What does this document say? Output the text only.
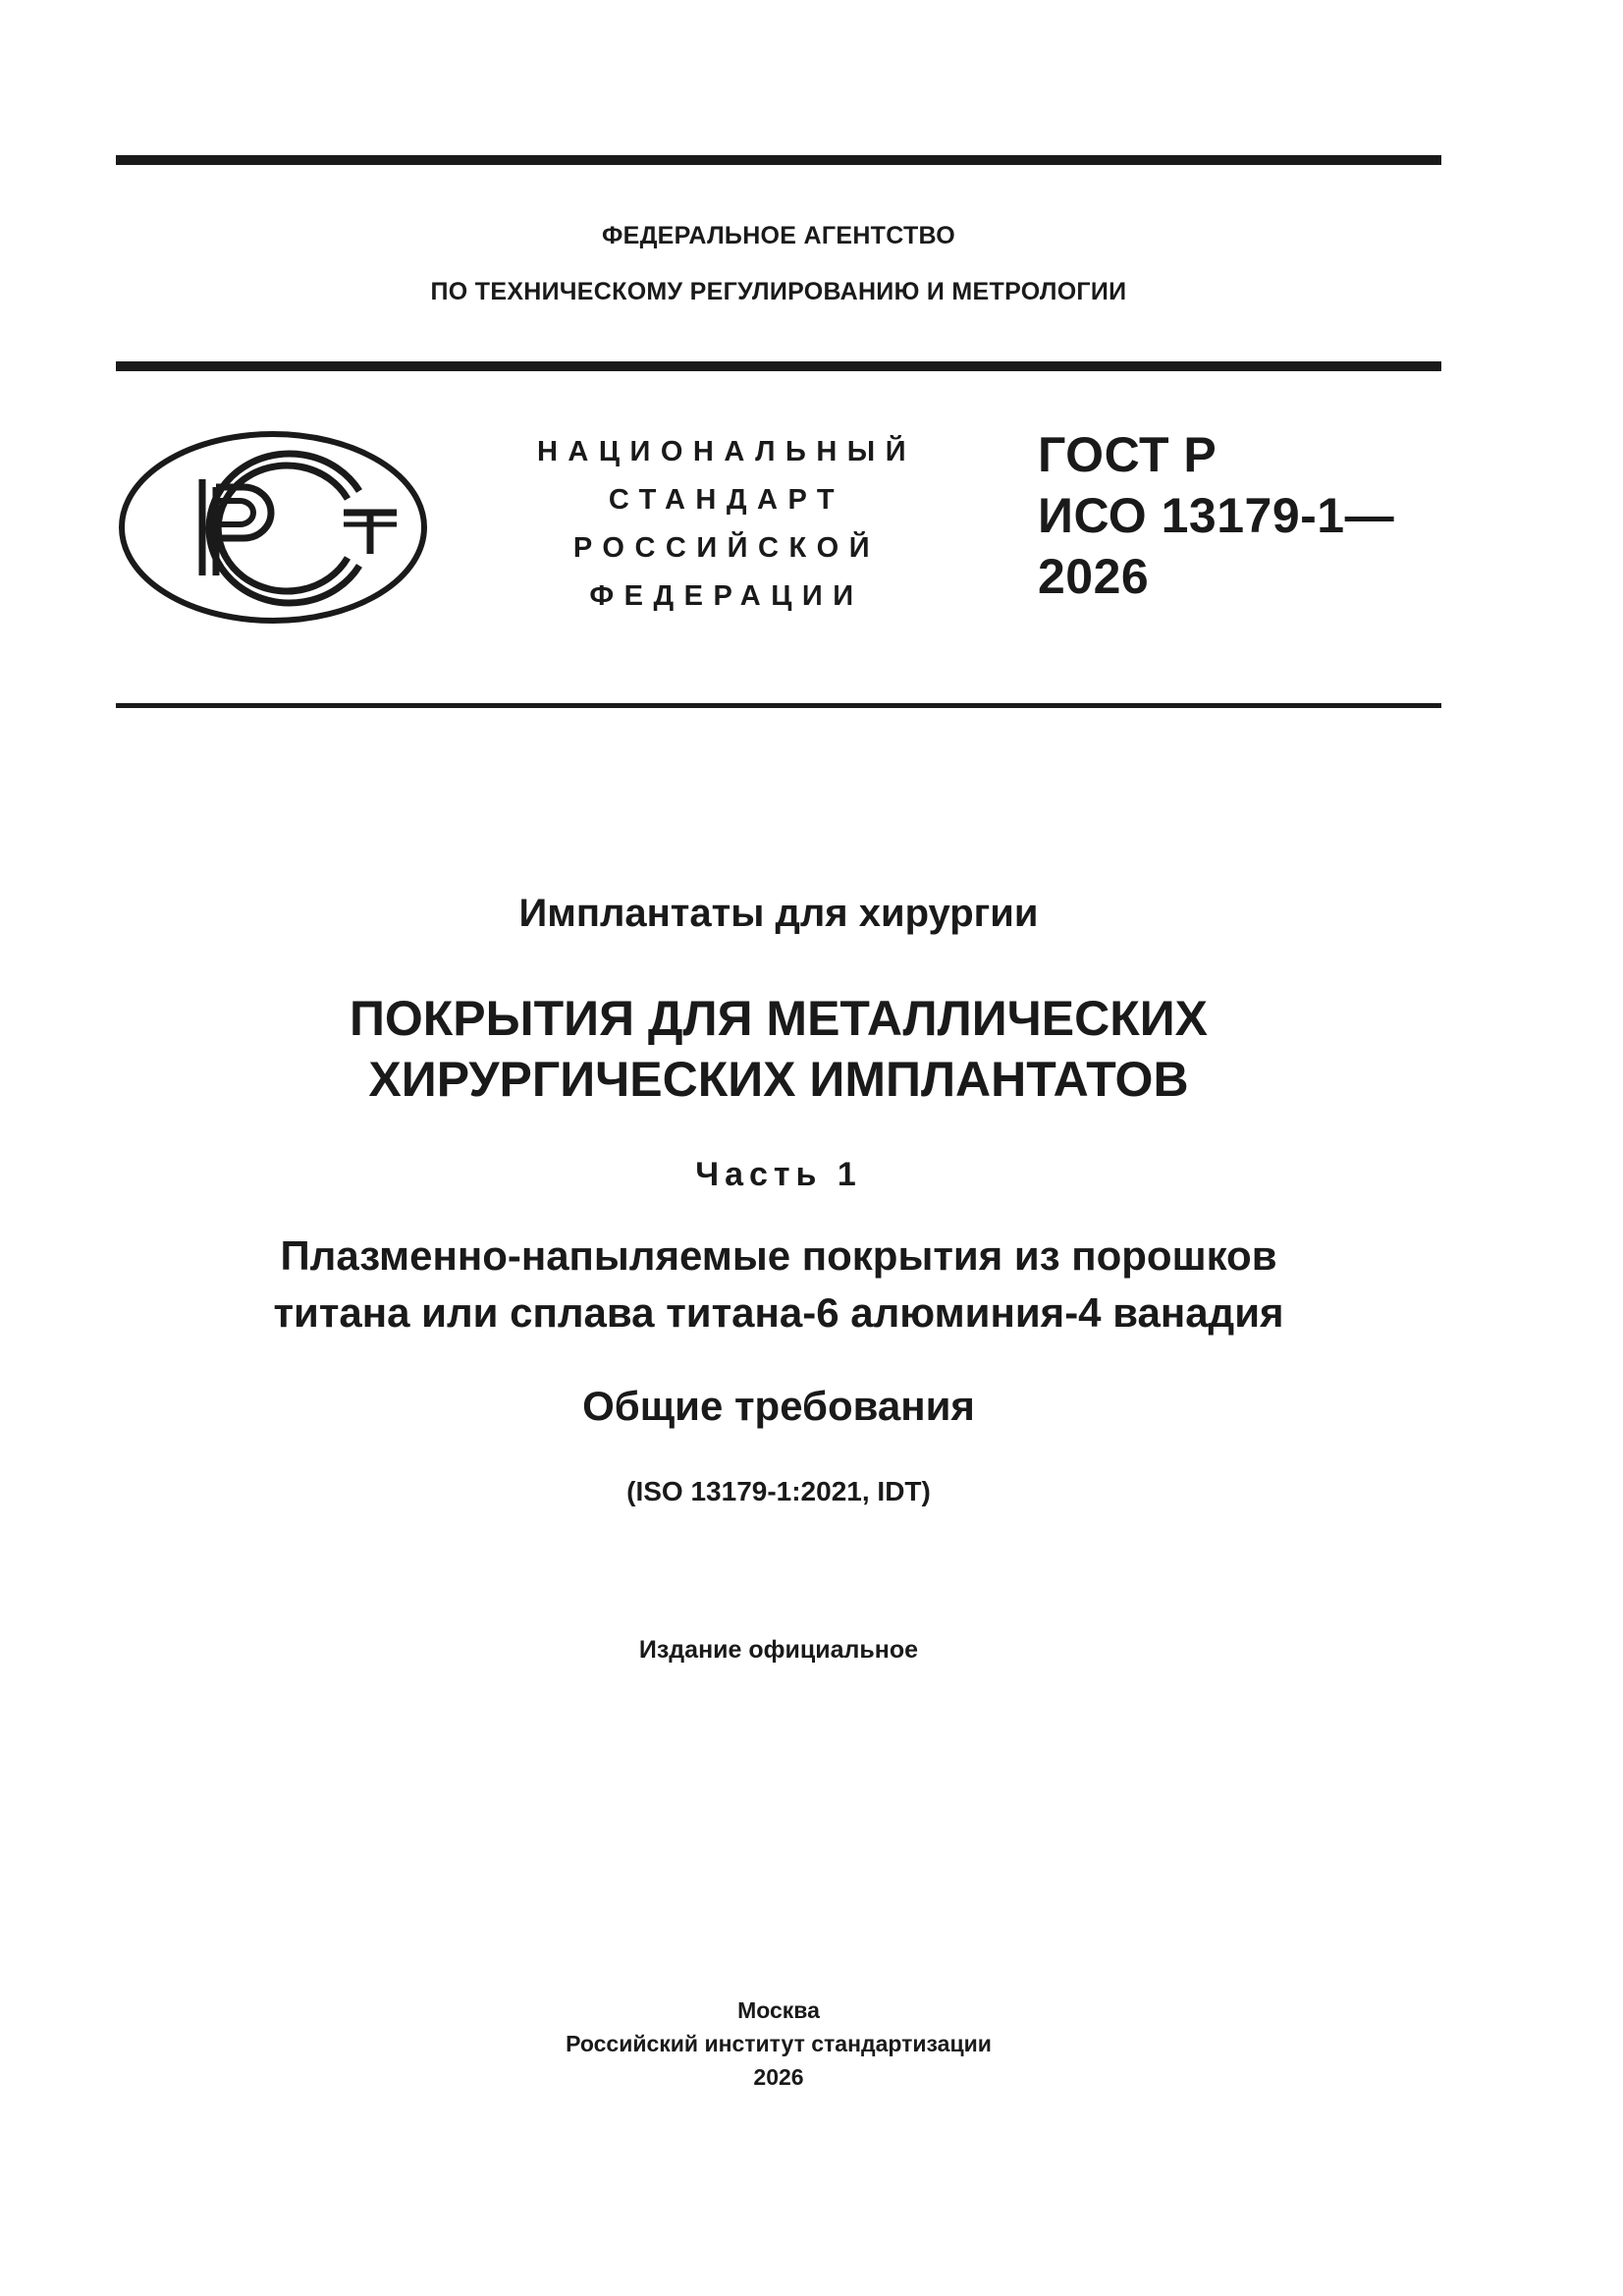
ФЕДЕРАЛЬНОЕ АГЕНТСТВО
ПО ТЕХНИЧЕСКОМУ РЕГУЛИРОВАНИЮ И МЕТРОЛОГИИ
НАЦИОНАЛЬНЫЙ
СТАНДАРТ
РОССИЙСКОЙ
ФЕДЕРАЦИИ
ГОСТ Р
ИСО 13179-1—
2026
Имплантаты для хирургии
ПОКРЫТИЯ ДЛЯ МЕТАЛЛИЧЕСКИХ
ХИРУРГИЧЕСКИХ ИМПЛАНТАТОВ
Часть 1
Плазменно-напыляемые покрытия из порошков
титана или сплава титана-6 алюминия-4 ванадия
Общие требования
(ISO 13179-1:2021, IDT)
Издание официальное
Москва
Российский институт стандартизации
2026
